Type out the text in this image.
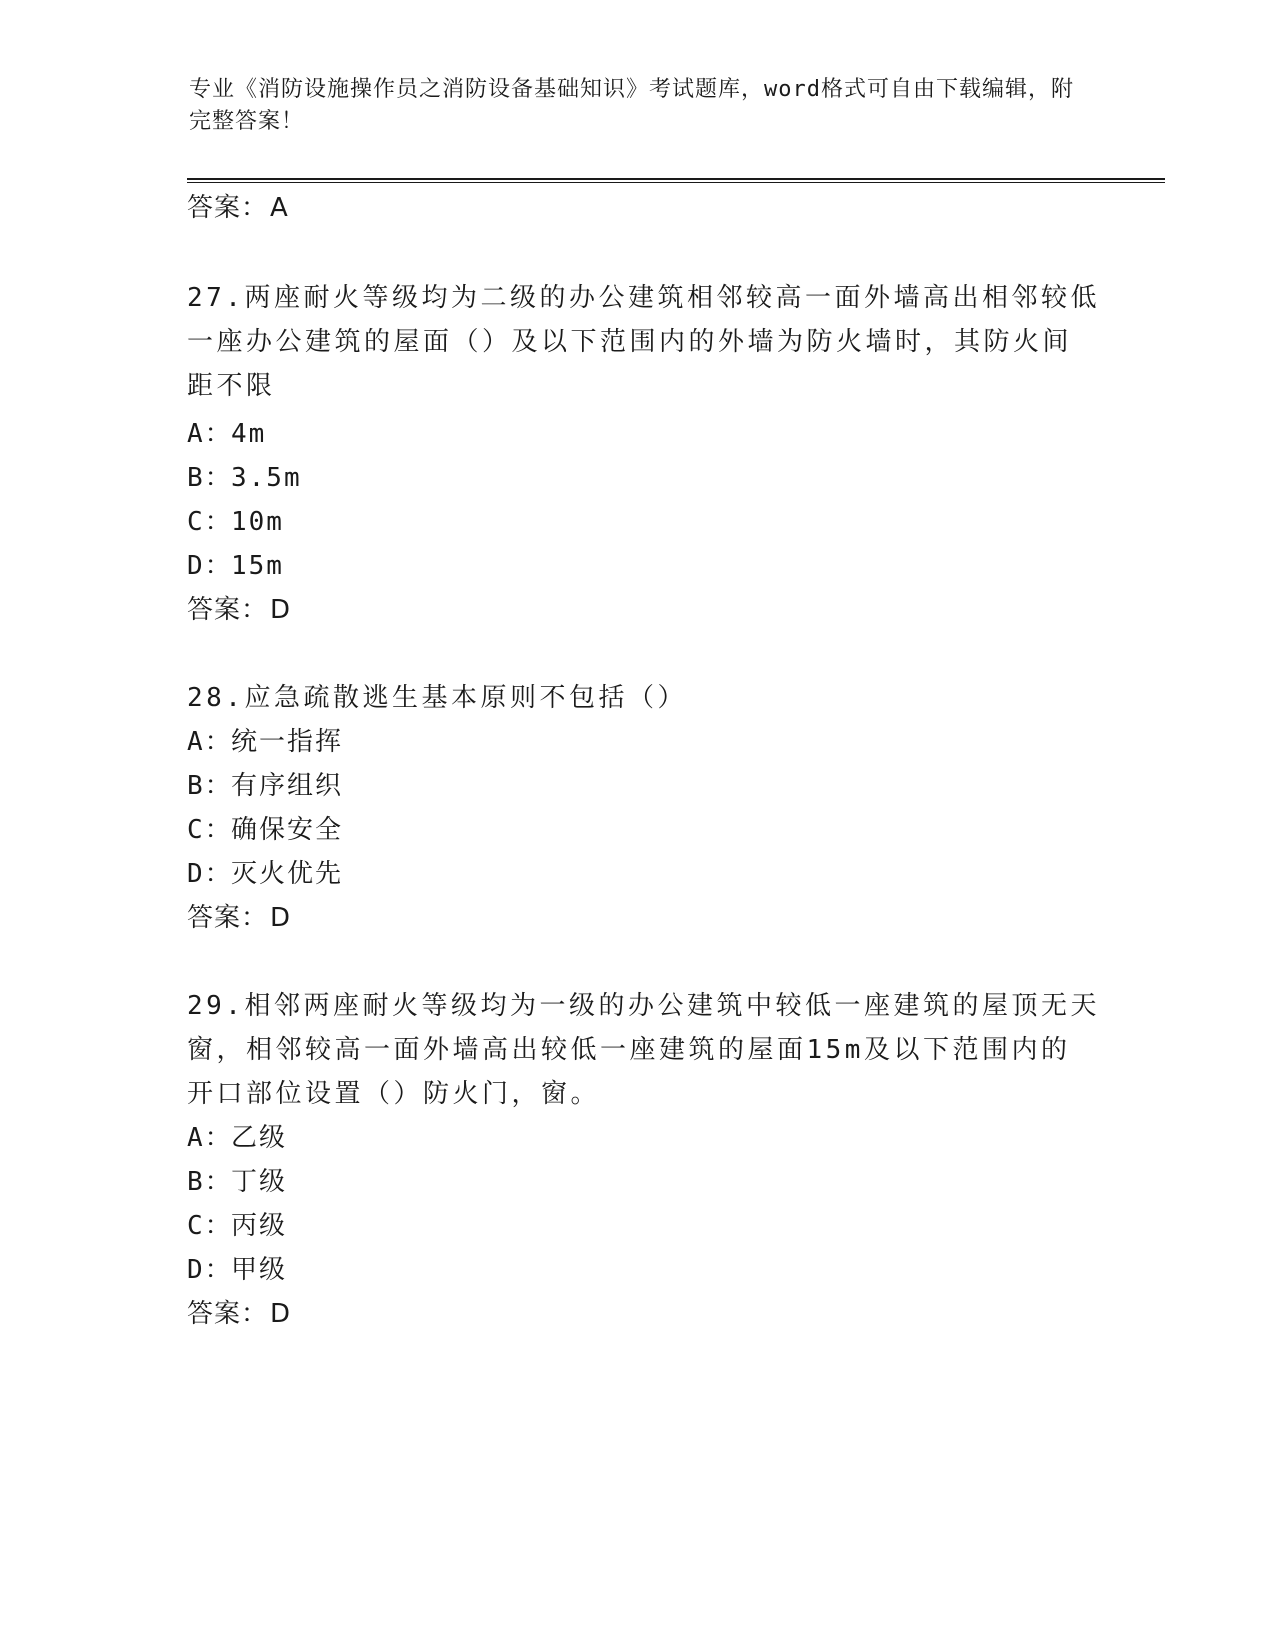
专业《消防设施操作员之消防设备基础知识》考试题库，word格式可自由下载编辑，附完整答案！

答案：A

27.两座耐火等级均为二级的办公建筑相邻较高一面外墙高出相邻较低

一座办公建筑的屋面（）及以下范围内的外墙为防火墙时，其防火间

距不限

A：4m

B：3.5m

C：10m

D：15m

答案：D

28.应急疏散逃生基本原则不包括（）

A：统一指挥

B：有序组织

C：确保安全

D：灭火优先

答案：D

29.相邻两座耐火等级均为一级的办公建筑中较低一座建筑的屋顶无天

窗，相邻较高一面外墙高出较低一座建筑的屋面15m及以下范围内的

开口部位设置（）防火门，窗。

A：乙级

B：丁级

C：丙级

D：甲级

答案：D
